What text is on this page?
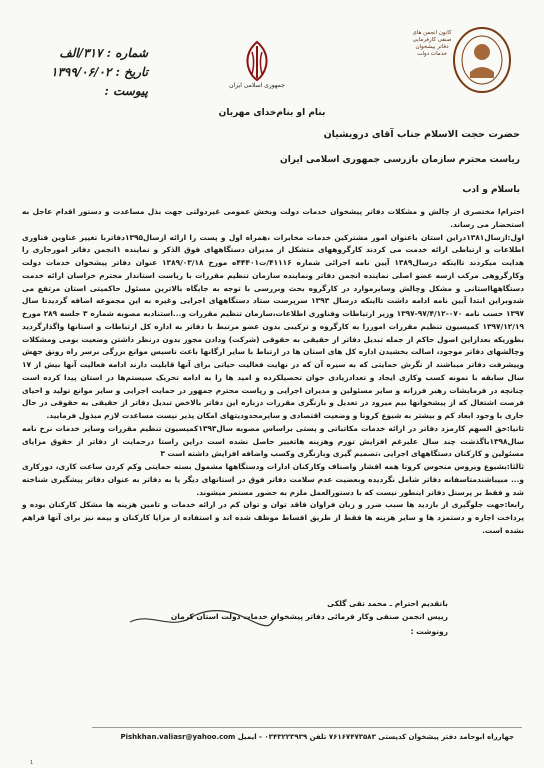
شماره : ۳۱۷/الف
تاریخ : ۱۳۹۹/۰۶/۰۲
پیوست :	جمهوری اسلامی ایران
کانون انجمن های صنفی کارفرمایی دفاتر پیشخوان خدمات دولت
بنام او بنام‌خدای مهربان
حضرت حجت الاسلام جناب آقای درویشیان
ریاست محترم سازمان بازرسی جمهوری اسلامی ایران
باسلام و ادب

احترام‌ا مختصری از چالش و مشکلات دفاتر پیشخوان خدمات دولت وبخش عمومی غیردولتی جهت بذل مساعدت و دستور اقدام عاجل به استحضار می رساند.

اول:ازسال۱۳۸۱دراین استان باعنوان امور مشترکین خدمات مخابرات ،همراه اول و پست را ارائه ازسال۱۳۹۵دفاتربا تغییر عناوین فناوری اطلاعات و ارتباطی ارائه خدمت می کردند کارگروههای متشکل از مدیران دستگاههای فوق الذکر و نماینده ۱انجمن دفاتر امورجاری را هدایت میکردند تااینکه درسال۱۳۸۹ آیین نامه اجرائی شماره ۴۱۱۱۶/ت۴۴۴۰۱ه مورخ ۱۳۸۹/۰۳/۱۸ عنوان دفاتر پیشخوان خدمات دولت وکارگروهی مرکب ازسه عضو اصلی نماینده انجمن دفاتر ونماینده سازمان تنظیم مقررات با ریاست استاندار محترم خراسان ارائه خدمت دستگاههااستانی و مشکل وچالش وسایرموارد در کارگروه بحث وبررسی با توجه به جایگاه بالاترین مسئول حاکمیتی استان مرتفع می شدوبراین ابتدا آیین نامه ادامه داشت تااینکه درسال ۱۳۹۳ سرپرست ستاد دستگاههای اجرایی وغیره به این مجموعه اضافه گردیدتا سال ۱۳۹۷ حسب نامه ۰۷۰-۹۷/۴/۱۲-۱۳۹۷ وزیر ارتباطات وفناوری اطلاعات،سازمان تنظیم مقررات و...استنادبه مصوبه شماره ۳ جلسه ۲۸۹ مورخ ۱۳۹۷/۱۲/۱۹ کمیسیون تنظیم مقررات اموررا به کارگروه و ترکیبی بدون عضو مرتبط با دفاتر به اداره کل ارتباطات و استانها واگذارگردید بطوریکه بعدازاین اصول حاکم از جمله تبدیل دفاتر از حقیقی به حقوقی (شرکت) ودادن مجوز بدون درنظر داشتن وضعیت بومی ومشکلات وچالشهای دفاتر موجود، اصالت بخشیدن اداره کل های استان ها در ارتباط با سایر ارگانها باعث تاسیس موانع بزرگی برسر راه رونق جهش وپیشرفت دفاتر میباشند از نگرش حمایتی که به سیره آن که در نهایت فعالیت حیاتی برای آنها قابلیت دارند ادامه فعالیت آنها بیش از ۱۷ سال سابقه با نمونه کسب وکاری ایجاد و تعدادزیادی جوان تحصیلکرده و امید ها را به ادامه تحریک سیستم‌ها در استان پیدا کرده است چنانچه در فرمایشات رهبر فرزانه و سایر مسئولین و مدیران اجرایی و ریاست محترم جمهور در حمایت اجرایی و سایر موانع تولید و احیای فرصت اشتغال که از پیشخوانها بیم میرود در تعدیل و بازنگری مقررات درباره این دفاتر بالاخص تبدیل دفاتر از حقیقی به حقوقی در حال جاری با وجود ابعاد کم و بیشتر به شیوع کرونا و وضعیت اقتصادی و سایرمحدودیتهای امکان پذیر نیست مساعدت لازم مبذول فرمایید.

ثانیا:حق السهم کارمزد دفاتر در ارائه خدمات مکاتباتی و پستی براساس مصوبه سال۱۳۹۳کمیسیون تنظیم مقررات وسایر خدمات نرخ نامه سال۱۳۹۸باگذشت چند سال علیرغم افزایش تورم وهزینه هاتغییر حاصل نشده است دراین راستا درحمایت از دفاتر از حقوق مزایای مسئولین و کارکنان دستگاههای اجرایی ،تصمیم گیری وبازنگری وکسب واضافه افزایش داشته است ۳

ثالثا:بشیوع ویروس منحوس کرونا همه اقشار واصناف وکارکنان ادارات ودستگاهها مشمول بسته حمایتی وکم کردن ساعت کاری، دورکاری و... مبیباشندمتاسفانه دفاتر شامل نگردیده وبعضیت عدم سلامت دفاتر فوق در استانهای دیگر یا به دفاتر به عنوان دفاتر پیشگیری شناخته شد و فقط بر پرسنل دفاتر اینطور نیست که با دستورالعمل ملزم به حضور مستمر میشوند.

رابعا:جهت جلوگیری از بازدید ها سبب ضرر و زیان فراوان فاقد توان و توان کم در ارائه خدمات و تامین هزینه ها مشکل کارکنان بوده و پرداخت اجاره و دستمزد ها و سایر هزینه ها فقط از طریق اقساط موظف شده اند و استفاده از مزایا کارکنان و بیمه نیز برای آنها فراهم نشده است.

باتقدیم احترام ـ محمد تقی گلکی
رییس انجمن صنفی وکار فرمائی دفاتر پیشخوان خدمات دولت استان کرمان
رونوشت :
جهارراه ابوحامد دفتر پیشخوان کدپستی ۷۶۱۶۷۴۷۳۵۸۳ تلفن ۰۳۴۳۲۲۳۹۳۹ - ایمیل Pishkhan.valiasr@yahoo.com
1
